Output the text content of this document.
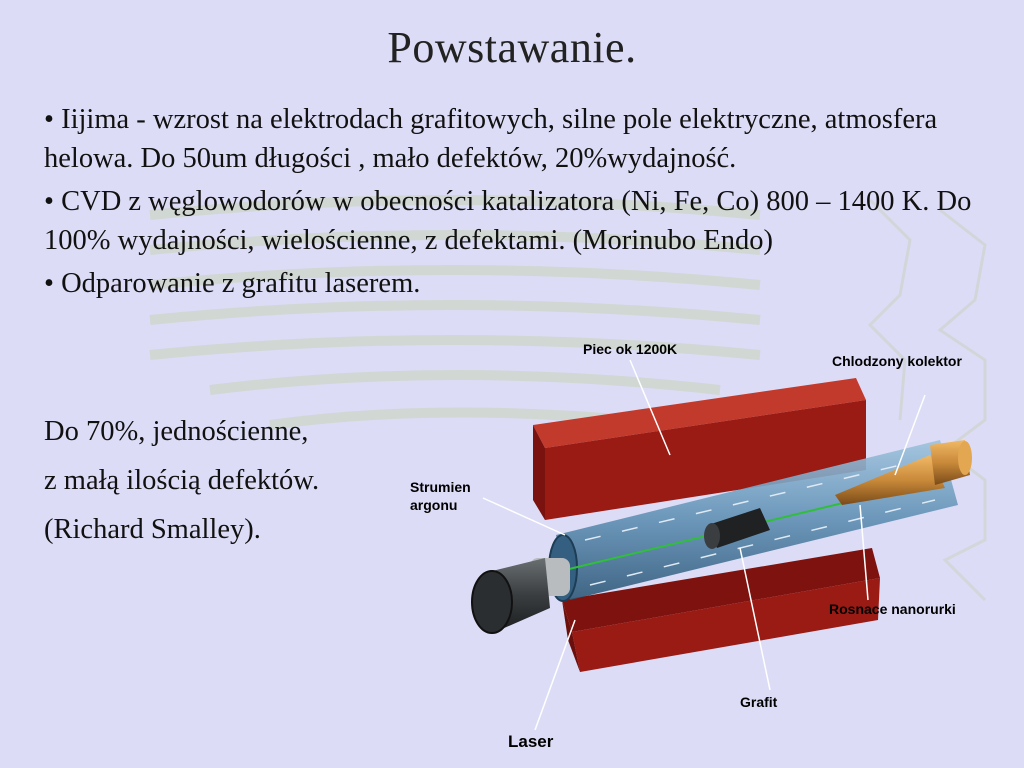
Powstawanie.

• Iijima - wzrost na elektrodach grafitowych, silne pole elektryczne, atmosfera helowa. Do 50um długości , mało defektów, 20%wydajność.

• CVD z węglowodorów w obecności katalizatora (Ni, Fe, Co) 800 – 1400 K. Do 100% wydajności, wielościenne, z defektami. (Morinubo Endo)

• Odparowanie z grafitu laserem.

Do 70%, jednościenne,
z małą ilością defektów.
(Richard Smalley).
Piec ok 1200K
Chlodzony kolektor
Strumien
argonu
Rosnace nanorurki
Grafit
Laser
